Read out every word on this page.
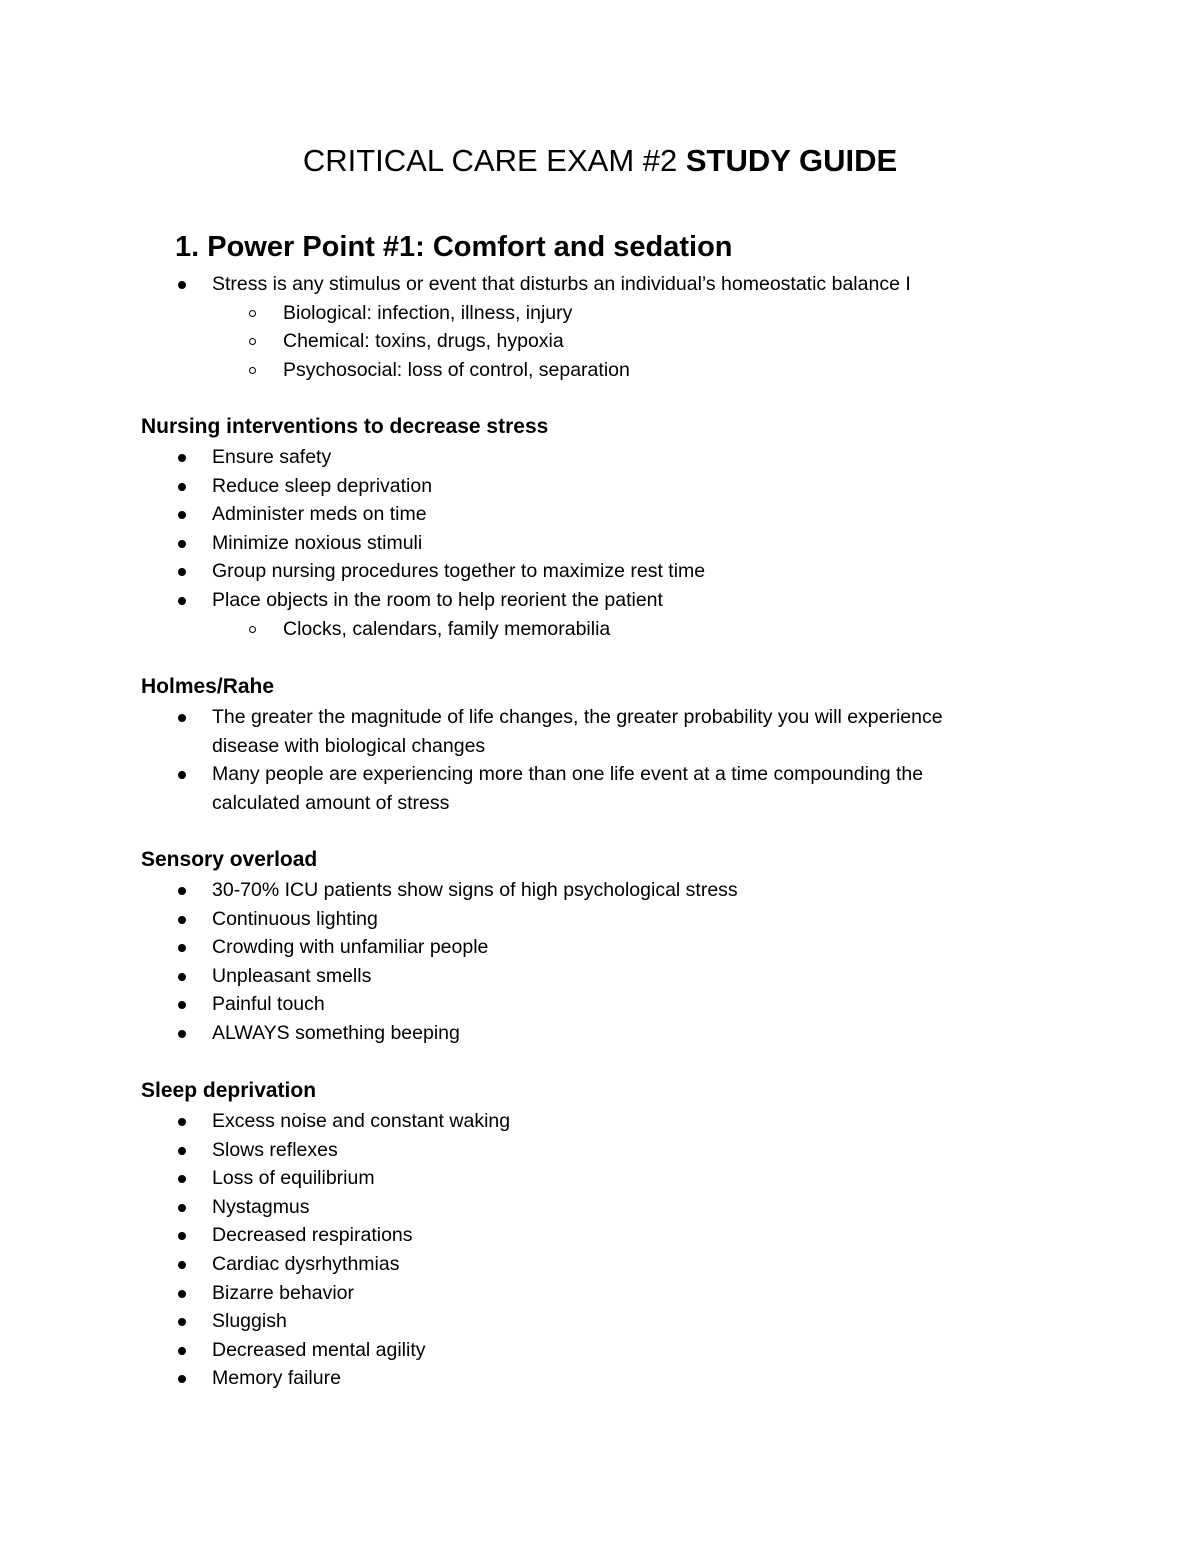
CRITICAL CARE EXAM #2 STUDY GUIDE
1. Power Point #1: Comfort and sedation
Stress is any stimulus or event that disturbs an individual’s homeostatic balance I
Biological: infection, illness, injury
Chemical: toxins, drugs, hypoxia
Psychosocial: loss of control, separation
Nursing interventions to decrease stress
Ensure safety
Reduce sleep deprivation
Administer meds on time
Minimize noxious stimuli
Group nursing procedures together to maximize rest time
Place objects in the room to help reorient the patient
Clocks, calendars, family memorabilia
Holmes/Rahe
The greater the magnitude of life changes, the greater probability you will experience
disease with biological changes
Many people are experiencing more than one life event at a time compounding the
calculated amount of stress
Sensory overload
30-70% ICU patients show signs of high psychological stress
Continuous lighting
Crowding with unfamiliar people
Unpleasant smells
Painful touch
ALWAYS something beeping
Sleep deprivation
Excess noise and constant waking
Slows reflexes
Loss of equilibrium
Nystagmus
Decreased respirations
Cardiac dysrhythmias
Bizarre behavior
Sluggish
Decreased mental agility
Memory failure
